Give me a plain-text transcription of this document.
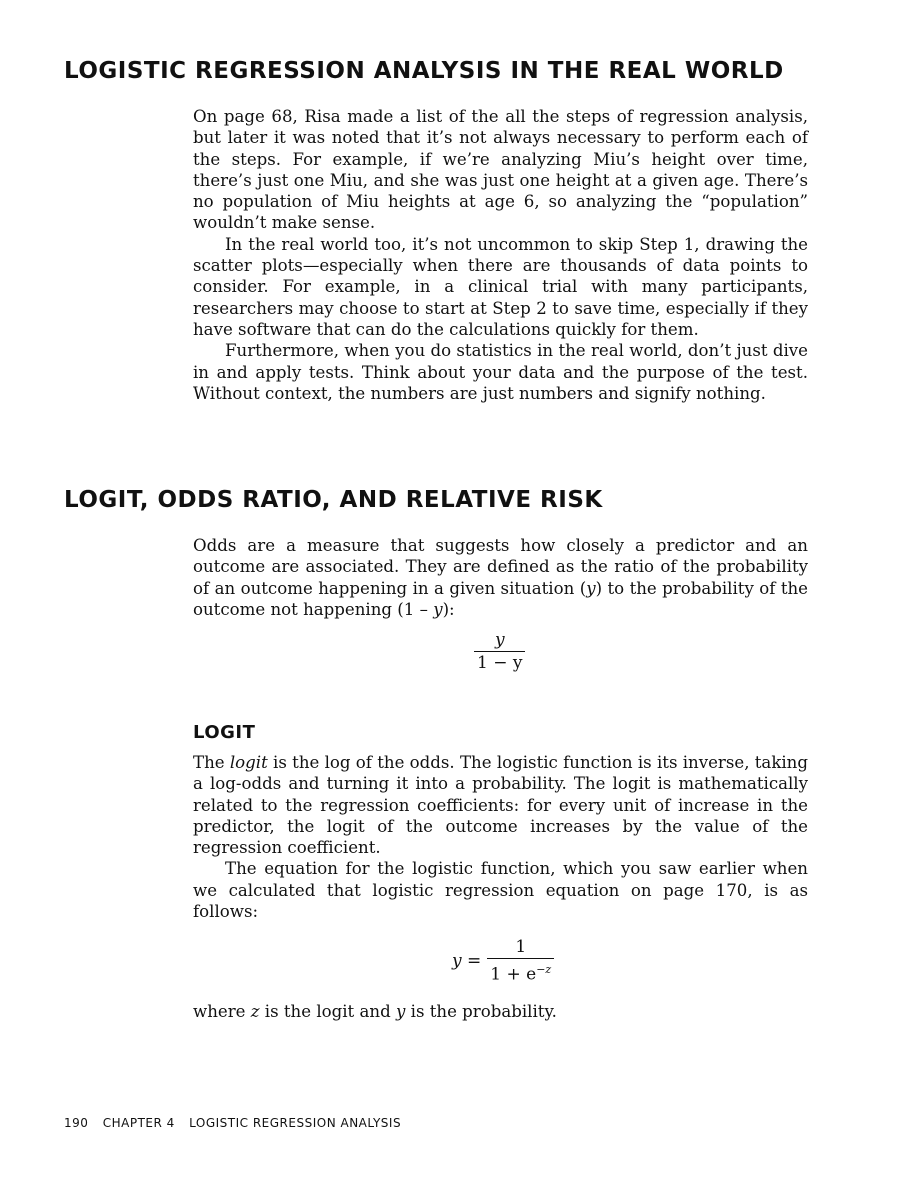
LOGISTIC REGRESSION ANALYSIS IN THE REAL WORLD

On page 68, Risa made a list of the all the steps of regression analysis, but later it was noted that it’s not always necessary to perform each of the steps. For example, if we’re analyzing Miu’s height over time, there’s just one Miu, and she was just one height at a given age. There’s no population of Miu heights at age 6, so analyzing the “population” wouldn’t make sense.

In the real world too, it’s not uncommon to skip Step 1, drawing the scatter plots—especially when there are thousands of data points to consider. For example, in a clinical trial with many participants, researchers may choose to start at Step 2 to save time, especially if they have software that can do the calculations quickly for them.

Furthermore, when you do statistics in the real world, don’t just dive in and apply tests. Think about your data and the purpose of the test. Without context, the numbers are just numbers and signify nothing.

LOGIT, ODDS RATIO, AND RELATIVE RISK

Odds are a measure that suggests how closely a predictor and an outcome are associated. They are defined as the ratio of the probability of an outcome happening in a given situation (y) to the probability of the outcome not happening (1 – y):

y
1 − y
LOGIT

The logit is the log of the odds. The logistic function is its inverse, taking a log-odds and turning it into a probability. The logit is mathematically related to the regression coefficients: for every unit of increase in the predictor, the logit of the outcome increases by the value of the regression coefficient.

The equation for the logistic function, which you saw earlier when we calculated that logistic regression equation on page 170, is as follows:

$y = \frac{1}{1 + e^{-z}}$

where z is the logit and y is the probability.

190 CHAPTER 4 LOGISTIC REGRESSION ANALYSIS
